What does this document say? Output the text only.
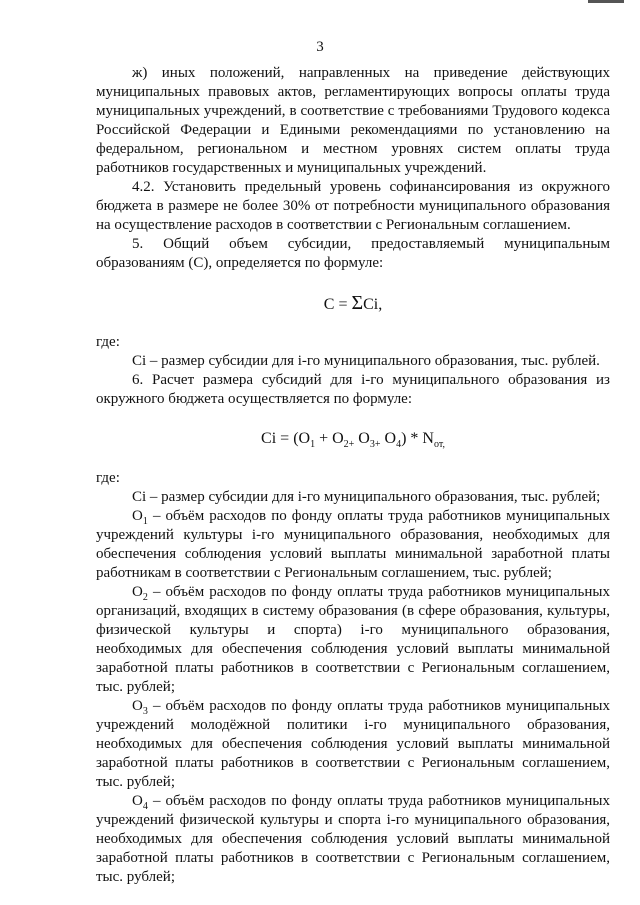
3

ж) иных положений, направленных на приведение действующих муниципальных правовых актов, регламентирующих вопросы оплаты труда муниципальных учреждений, в соответствие с требованиями Трудового кодекса Российской Федерации и Едиными рекомендациями по установлению на федеральном, региональном и местном уровнях систем оплаты труда работников государственных и муниципальных учреждений.

4.2. Установить предельный уровень софинансирования из окружного бюджета в размере не более 30% от потребности муниципального образования на осуществление расходов в соответствии с Региональным соглашением.

5. Общий объем субсидии, предоставляемый муниципальным образованиям (С), определяется по формуле:

С = ΣCi,

где:

Ci – размер субсидии для i-го муниципального образования, тыс. рублей.

6. Расчет размера субсидий для i-го муниципального образования из окружного бюджета осуществляется по формуле:

$Ci = (O_1 + O_{2+}$ $O_{3+}$ $O_4) * N_{от,}$

где:

Ci – размер субсидии для i-го муниципального образования, тыс. рублей;

$O_1$ – объём расходов по фонду оплаты труда работников муниципальных учреждений культуры i-го муниципального образования, необходимых для обеспечения соблюдения условий выплаты минимальной заработной платы работникам в соответствии с Региональным соглашением, тыс. рублей;

$O_2$ – объём расходов по фонду оплаты труда работников муниципальных организаций, входящих в систему образования (в сфере образования, культуры, физической культуры и спорта) i-го муниципального образования, необходимых для обеспечения соблюдения условий выплаты минимальной заработной платы работников в соответствии с Региональным соглашением, тыс. рублей;

$O_3$ – объём расходов по фонду оплаты труда работников муниципальных учреждений молодёжной политики i-го муниципального образования, необходимых для обеспечения соблюдения условий выплаты минимальной заработной платы работников в соответствии с Региональным соглашением, тыс. рублей;

$O_4$ – объём расходов по фонду оплаты труда работников муниципальных учреждений физической культуры и спорта i-го муниципального образования, необходимых для обеспечения соблюдения условий выплаты минимальной заработной платы работников в соответствии с Региональным соглашением, тыс. рублей;
